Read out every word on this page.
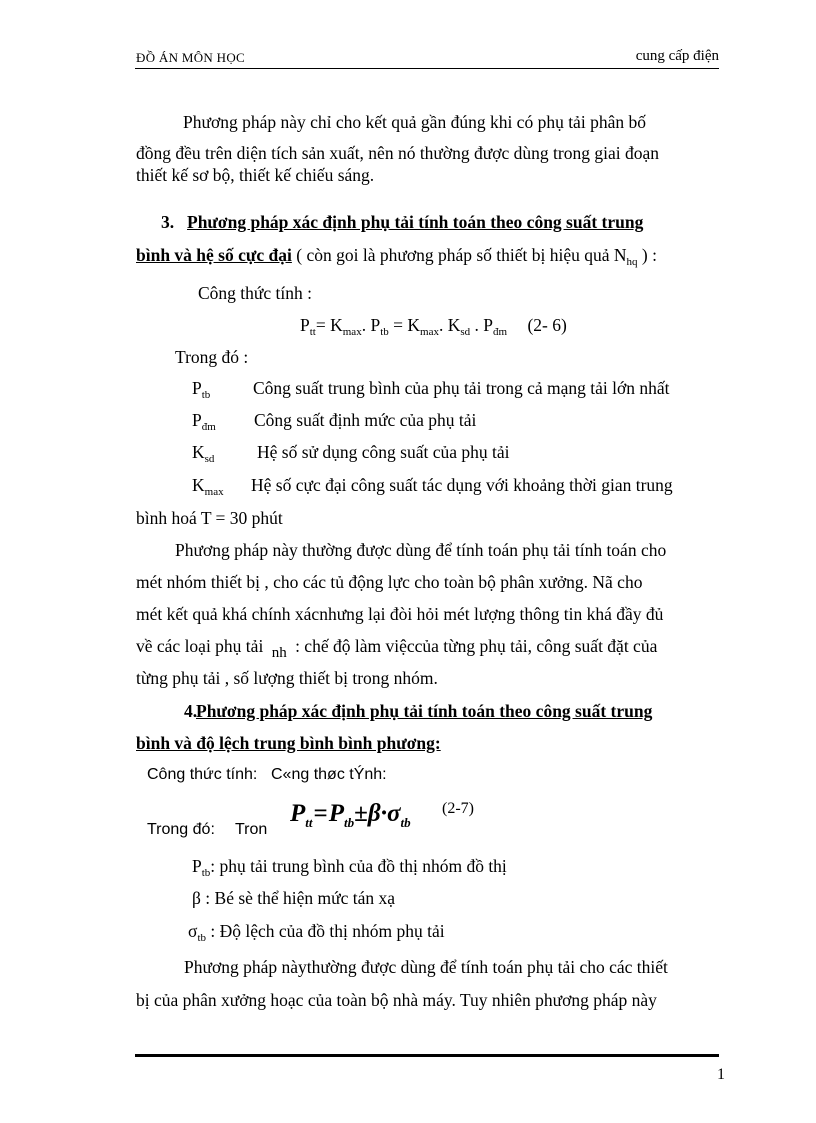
ĐỒ ÁN MÔN HỌC	cung cấp điện
Phương pháp này chỉ cho kết quả gần đúng khi có phụ tải phân bố
đồng đều trên diện tích sản xuất, nên nó thường được dùng trong giai đoạn
thiết kế sơ bộ, thiết kế chiếu sáng.
3. Phương pháp xác định phụ tải tính toán theo công suất trung
bình và hệ số cực đại ( còn goi là phương pháp số thiết bị hiệu quả $N_{hq}$ ) :
Công thức tính :
$P_{tt}= K_{max}$. $P_{tb} = K_{max}$. $K_{sd}$ . $P_{đm}$ (2- 6)
Trong đó :
$P_{tb}$ Công suất trung bình của phụ tải trong cả mạng tải lớn nhất
$P_{đm}$ Công suất định mức của phụ tải
$K_{sd}$ Hệ số sử dụng công suất của phụ tải
$K_{max}$ Hệ số cực đại công suất tác dụng với khoảng thời gian trung
bình hoá T = 30 phút
Phương pháp này thường được dùng để tính toán phụ tải tính toán cho
mét nhóm thiết bị , cho các tủ động lực cho toàn bộ phân xưởng. Nã cho
mét kết quả khá chính xácnhưng lại đòi hỏi mét lượng thông tin khá đầy đủ
về các loại phụ tải nh : chế độ làm việccủa từng phụ tải, công suất đặt của
từng phụ tải , số lượng thiết bị trong nhóm.
4.
Phương pháp xác định phụ tải tính toán theo công suất trung
bình và độ lệch trung bình bình phương:
Công thức tính: C«ng thøc tÝnh:
$P_{tt}=P_{tb}\pm\beta\cdot\sigma_{tb}$
(2-7)
Trong đó: Tron
$P_{tb}$: phụ tải trung bình của đồ thị nhóm đồ thị
β : Bé sè thể hiện mức tán xạ
$\sigma_{tb}$ : Độ lệch của đồ thị nhóm phụ tải
Phương pháp nàythường được dùng để tính toán phụ tải cho các thiết
bị của phân xưởng hoạc của toàn bộ nhà máy. Tuy nhiên phương pháp này
1
